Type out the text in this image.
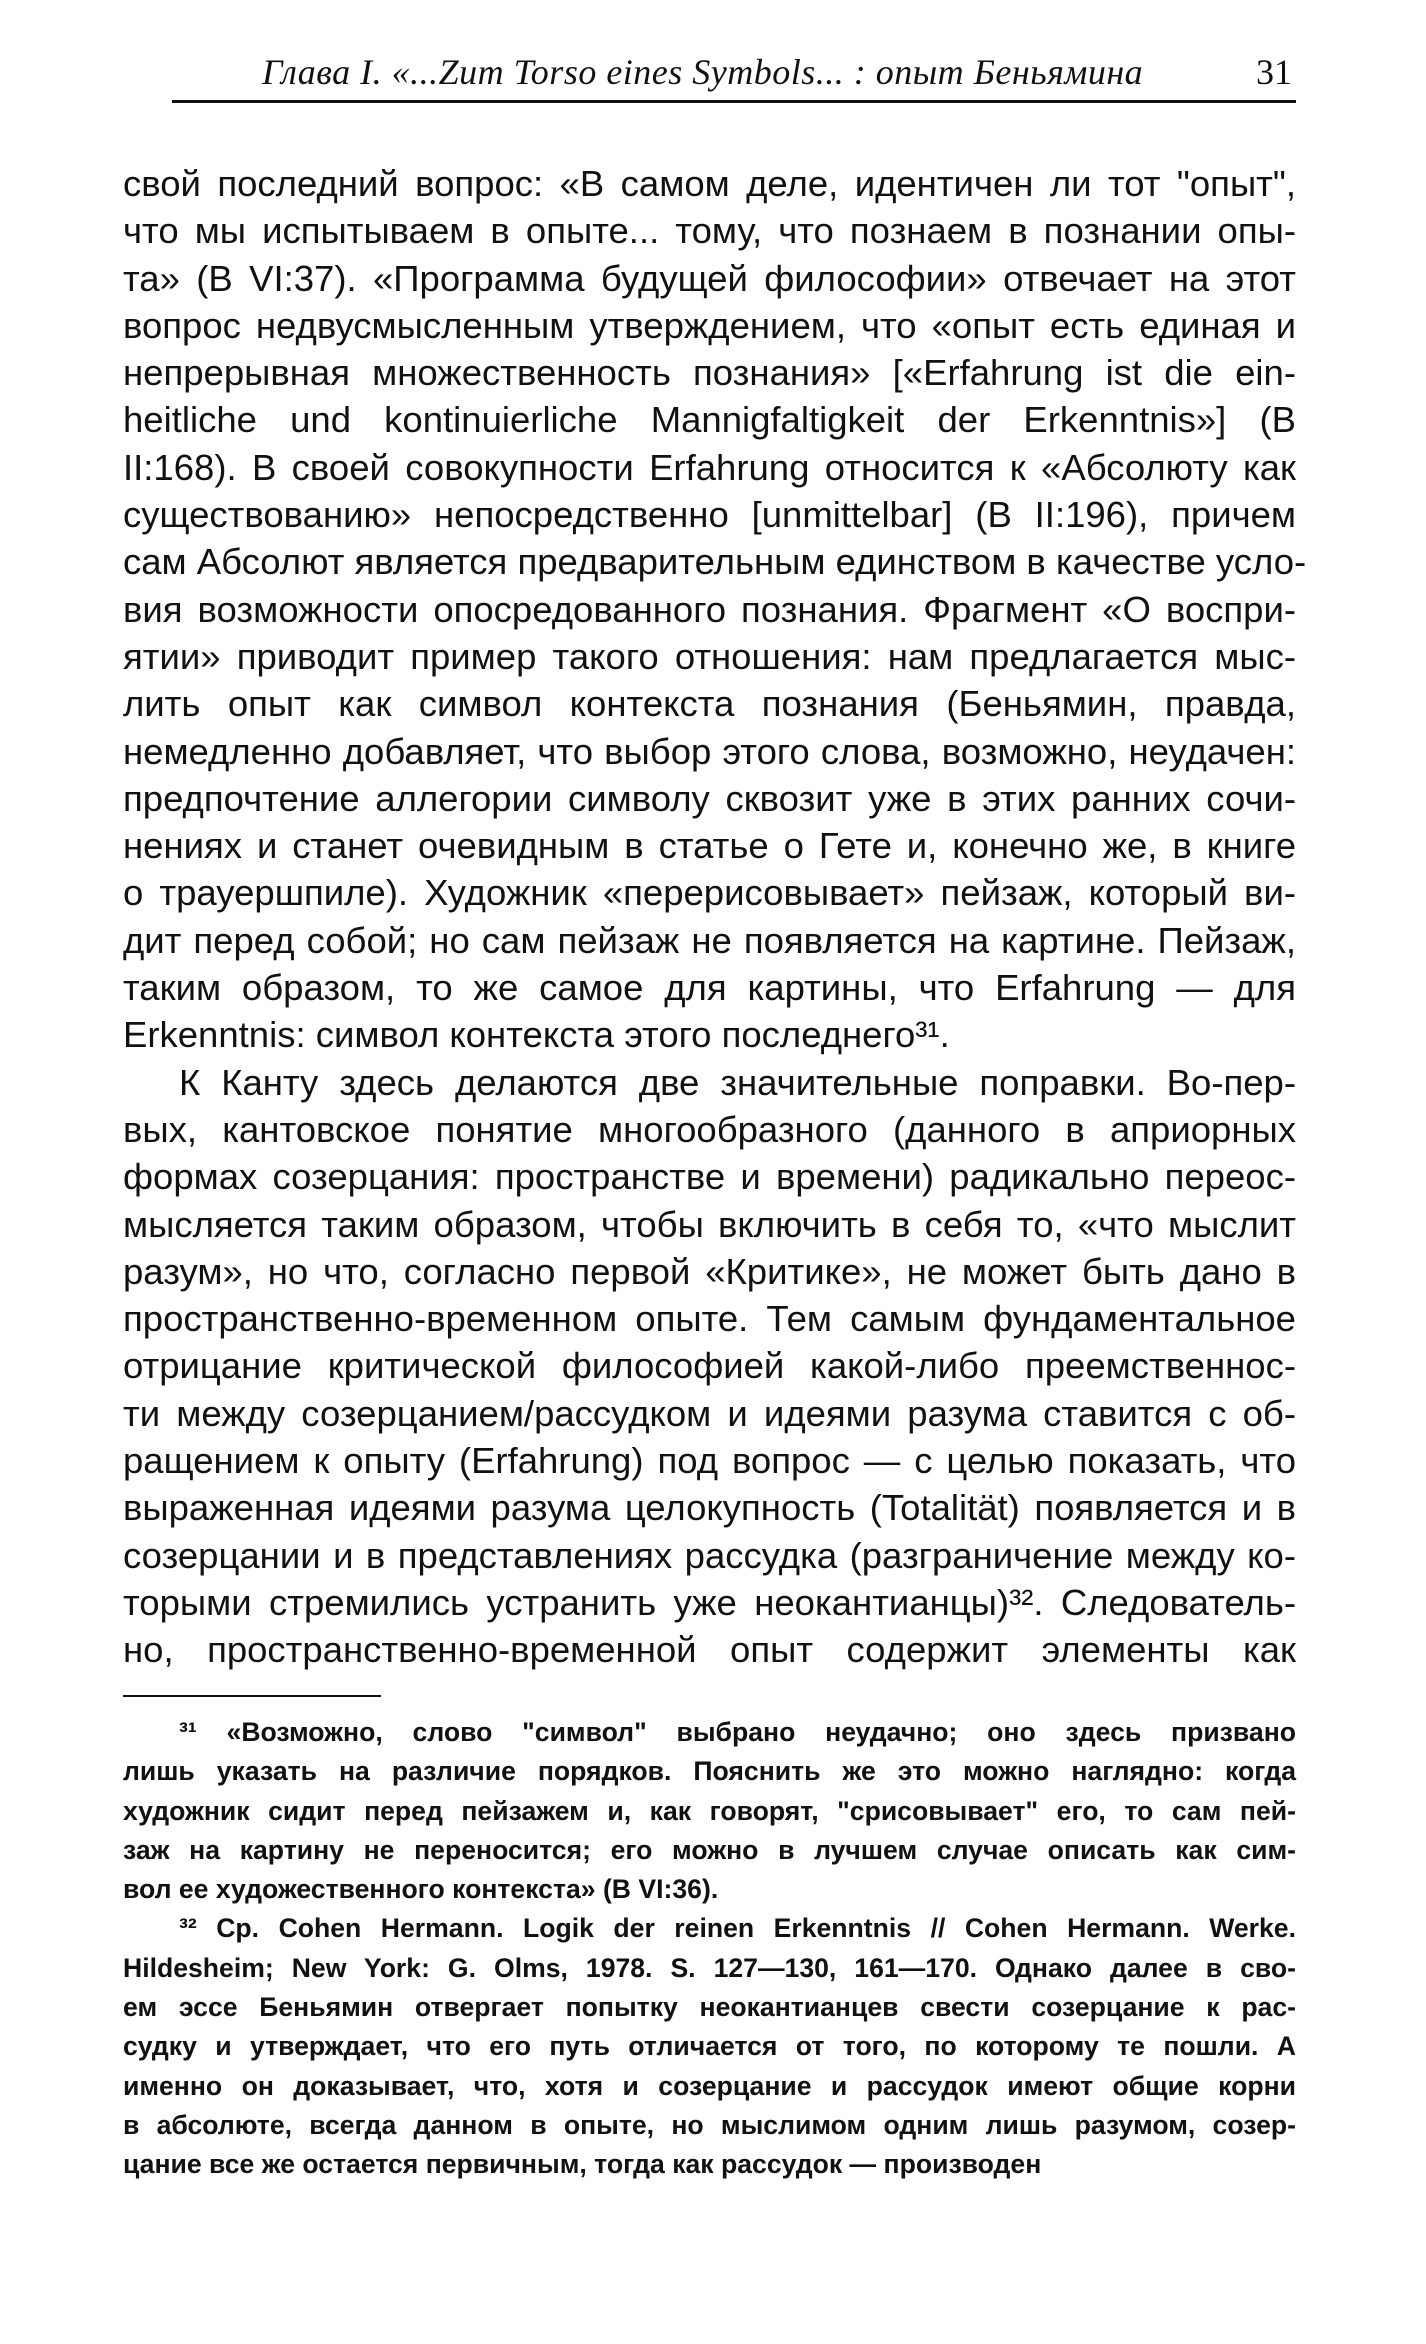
Глава I. «...Zum Torso eines Symbols... : опыт Беньямина	31
свой последний вопрос: «В самом деле, идентичен ли тот "опыт",
что мы испытываем в опыте... тому, что познаем в познании опы-
та» (B VI:37). «Программа будущей философии» отвечает на этот
вопрос недвусмысленным утверждением, что «опыт есть единая и
непрерывная множественность познания» [«Erfahrung ist die ein-
heitliche und kontinuierliche Mannigfaltigkeit der Erkenntnis»] (B
II:168). В своей совокупности Erfahrung относится к «Абсолюту как
существованию» непосредственно [unmittelbar] (B II:196), причем
сам Абсолют является предварительным единством в качестве усло-
вия возможности опосредованного познания. Фрагмент «О воспри-
ятии» приводит пример такого отношения: нам предлагается мыс-
лить опыт как символ контекста познания (Беньямин, правда,
немедленно добавляет, что выбор этого слова, возможно, неудачен:
предпочтение аллегории символу сквозит уже в этих ранних сочи-
нениях и станет очевидным в статье о Гете и, конечно же, в книге
о трауершпиле). Художник «перерисовывает» пейзаж, который ви-
дит перед собой; но сам пейзаж не появляется на картине. Пейзаж,
таким образом, то же самое для картины, что Erfahrung — для
Erkenntnis: символ контекста этого последнего³¹.
К Канту здесь делаются две значительные поправки. Во-пер-
вых, кантовское понятие многообразного (данного в априорных
формах созерцания: пространстве и времени) радикально переос-
мысляется таким образом, чтобы включить в себя то, «что мыслит
разум», но что, согласно первой «Критике», не может быть дано в
пространственно-временном опыте. Тем самым фундаментальное
отрицание критической философией какой-либо преемственнос-
ти между созерцанием/рассудком и идеями разума ставится с об-
ращением к опыту (Erfahrung) под вопрос — с целью показать, что
выраженная идеями разума целокупность (Totalität) появляется и в
созерцании и в представлениях рассудка (разграничение между ко-
торыми стремились устранить уже неокантианцы)³². Следователь-
но, пространственно-временной опыт содержит элементы как
³¹ «Возможно, слово "символ" выбрано неудачно; оно здесь призвано
лишь указать на различие порядков. Пояснить же это можно наглядно: когда
художник сидит перед пейзажем и, как говорят, "срисовывает" его, то сам пей-
заж на картину не переносится; его можно в лучшем случае описать как сим-
вол ее художественного контекста» (B VI:36).
³² Ср. Cohen Hermann. Logik der reinen Erkenntnis // Cohen Hermann. Werke.
Hildesheim; New York: G. Olms, 1978. S. 127—130, 161—170. Однако далее в сво-
ем эссе Беньямин отвергает попытку неокантианцев свести созерцание к рас-
судку и утверждает, что его путь отличается от того, по которому те пошли. А
именно он доказывает, что, хотя и созерцание и рассудок имеют общие корни
в абсолюте, всегда данном в опыте, но мыслимом одним лишь разумом, созер-
цание все же остается первичным, тогда как рассудок — производен
